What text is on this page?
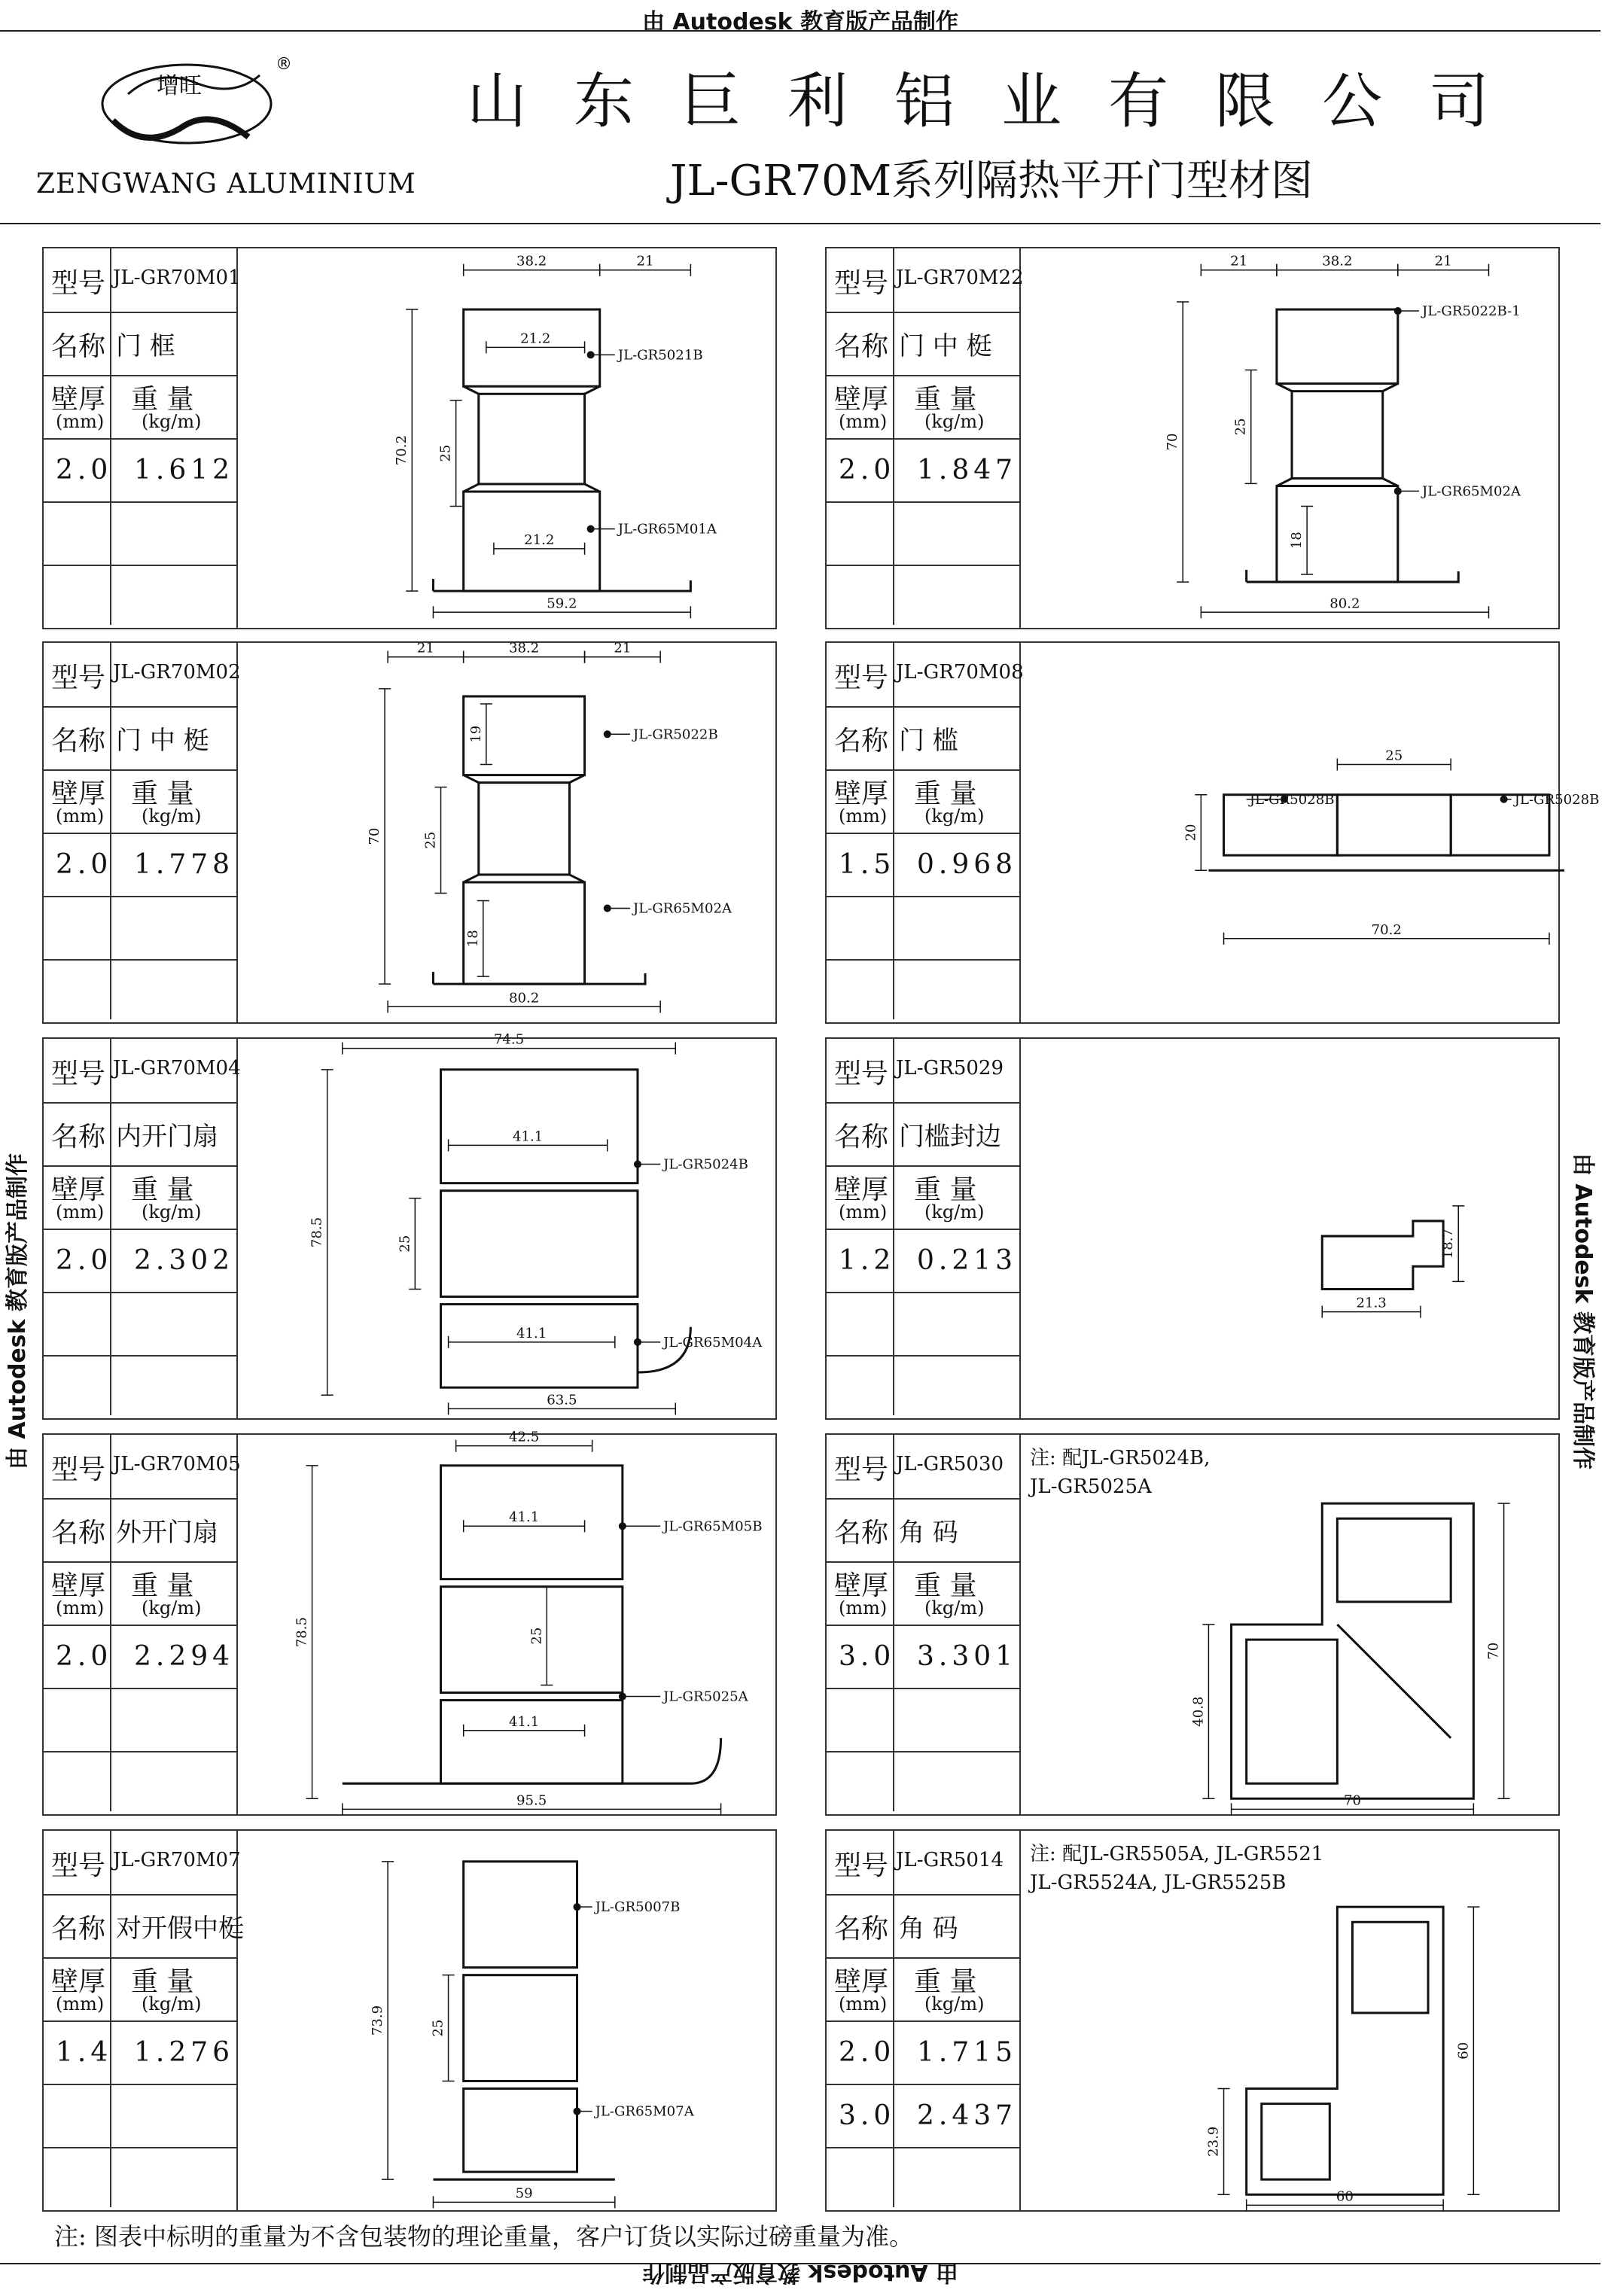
由 Autodesk 教育版产品制作
由 Autodesk 教育版产品制作	由 Autodesk 教育版产品制作
由 Autodesk 教育版产品制作
增旺
®
ZENGWANG ALUMINIUM
山东巨利铝业有限公司
JL-GR70M系列隔热平开门型材图
型号 JL-GR70M01
名称 门 框
壁厚
(mm)
重 量
(kg/m)
2.0 1.612
38.2	21
21.2
25
70.2
21.2
59.2
JL-GR5021B
JL-GR65M01A
型号 JL-GR70M22
名称 门 中 梃
壁厚
(mm)
重 量
(kg/m)
2.0 1.847
21	38.2	21
70
25
18
80.2
JL-GR5022B-1
JL-GR65M02A
型号 JL-GR70M02
名称 门 中 梃
壁厚
(mm)
重 量
(kg/m)
2.0 1.778
21	38.2	21
19
70	25
18
80.2
JL-GR5022B
JL-GR65M02A
型号 JL-GR70M08
名称 门 槛
壁厚
(mm)
重 量
(kg/m)
1.5 0.968
25
20
70.2
JL-GR5028B	JL-GR5028B
型号 JL-GR70M04
名称 内开门扇
壁厚
(mm)
重 量
(kg/m)
2.0 2.302
74.5
41.1
78.5	25
41.1
63.5
JL-GR5024B
JL-GR65M04A
型号 JL-GR5029
名称 门槛封边
壁厚
(mm)
重 量
(kg/m)
1.2 0.213
18.7
21.3
型号 JL-GR70M05
名称 外开门扇
壁厚
(mm)
重 量
(kg/m)
2.0 2.294
42.5
41.1
78.5	25
41.1
95.5
JL-GR65M05B
JL-GR5025A
型号 JL-GR5030
名称 角 码
壁厚
(mm)
重 量
(kg/m)
3.0 3.301
40.8
70
70
注: 配JL-GR5024B,
JL-GR5025A
型号 JL-GR70M07
名称 对开假中梃
壁厚
(mm)
重 量
(kg/m)
1.4 1.276
73.9	25
59
JL-GR5007B
JL-GR65M07A
型号 JL-GR5014
名称 角 码
壁厚
(mm)
重 量
(kg/m)
2.0 1.715
3.0 2.437
23.9
60
60
注: 配JL-GR5505A, JL-GR5521
JL-GR5524A, JL-GR5525B
注: 图表中标明的重量为不含包装物的理论重量，客户订货以实际过磅重量为准。
